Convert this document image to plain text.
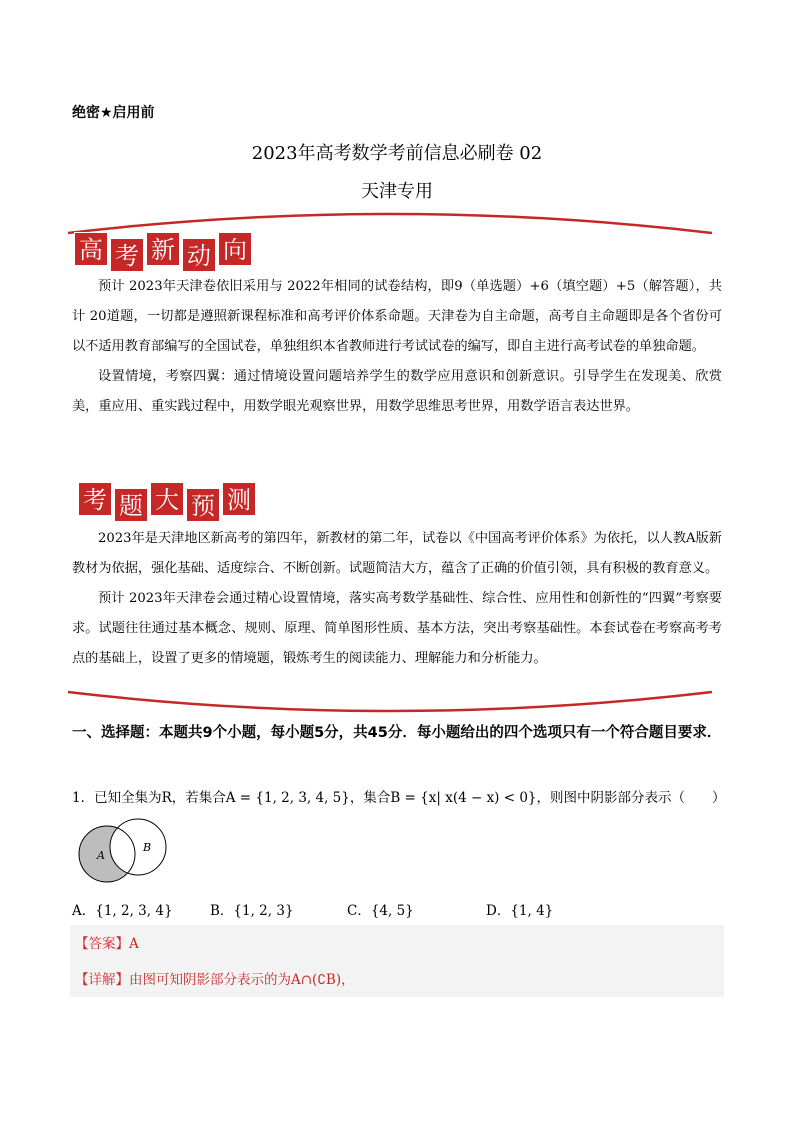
绝密★启用前
2023年高考数学考前信息必刷卷 02
天津专用
高 考 新 动 向

预计 2023年天津卷依旧采用与 2022年相同的试卷结构，即9（单选题）+6（填空题）+5（解答题），共计 20道题，一切都是遵照新课程标准和高考评价体系命题。天津卷为自主命题，高考自主命题即是各个省份可以不适用教育部编写的全国试卷，单独组织本省教师进行考试试卷的编写，即自主进行高考试卷的单独命题。

设置情境，考察四翼：通过情境设置问题培养学生的数学应用意识和创新意识。引导学生在发现美、欣赏美，重应用、重实践过程中，用数学眼光观察世界，用数学思维思考世界，用数学语言表达世界。

考 题 大 预 测

2023年是天津地区新高考的第四年，新教材的第二年，试卷以《中国高考评价体系》为依托，以人教A版新教材为依据，强化基础、适度综合、不断创新。试题简洁大方，蕴含了正确的价值引领，具有积极的教育意义。

预计 2023年天津卷会通过精心设置情境，落实高考数学基础性、综合性、应用性和创新性的“四翼”考察要求。试题往往通过基本概念、规则、原理、简单图形性质、基本方法，突出考察基础性。本套试卷在考察高考考点的基础上，设置了更多的情境题，锻炼考生的阅读能力、理解能力和分析能力。

一、选择题：本题共9个小题，每小题5分，共45分．每小题给出的四个选项只有一个符合题目要求．
1．已知全集为R，若集合A = {1, 2, 3, 4, 5}，集合B = {x| x(4 − x) < 0}，则图中阴影部分表示（　　）
A
B
A．{1, 2, 3, 4}	B．{1, 2, 3}	C．{4, 5}	D．{1, 4}
【答案】A
【详解】由图可知阴影部分表示的为A∩(∁B)，
